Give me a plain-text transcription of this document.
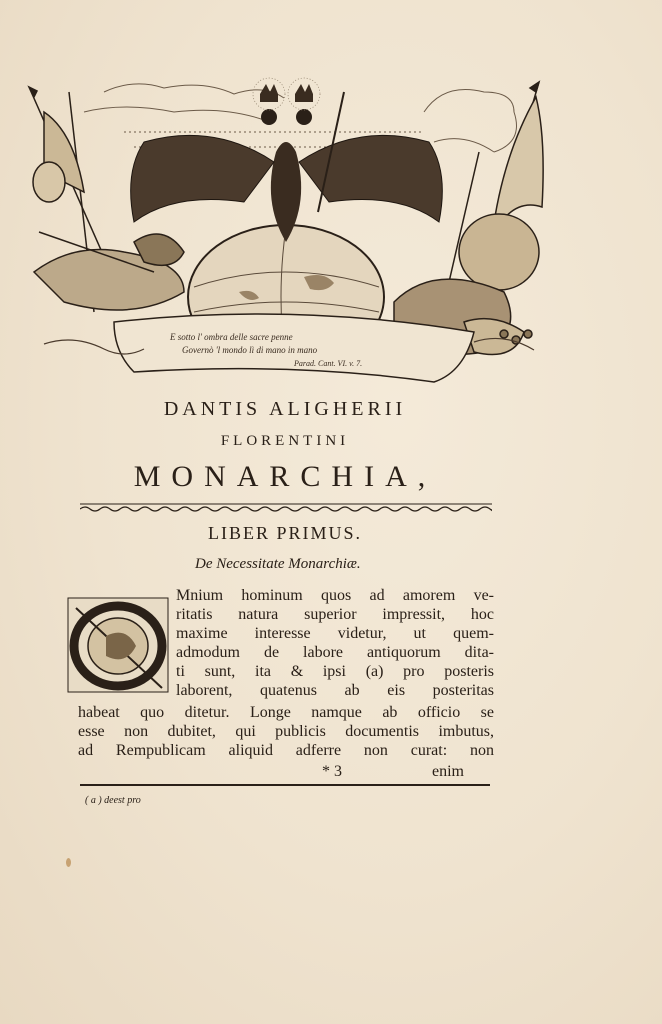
E sotto l' ombra delle sacre penne
Governò 'l mondo lì di mano in mano
Parad. Cant. VI. v. 7.
DANTIS ALIGHERII
FLORENTINI
MONARCHIA,
LIBER PRIMUS.
De Necessitate Monarchiæ.
Mnium hominum quos ad amorem ve-
ritatis natura superior impressit, hoc
maxime interesse videtur, ut quem-
admodum de labore antiquorum dita-
ti sunt, ita & ipsi (a) pro posteris
laborent, quatenus ab eis posteritas
habeat quo ditetur. Longe namque ab officio se
esse non dubitet, qui publicis documentis imbutus,
ad Rempublicam aliquid adferre non curat: non
* 3	enim
( a ) deest pro
